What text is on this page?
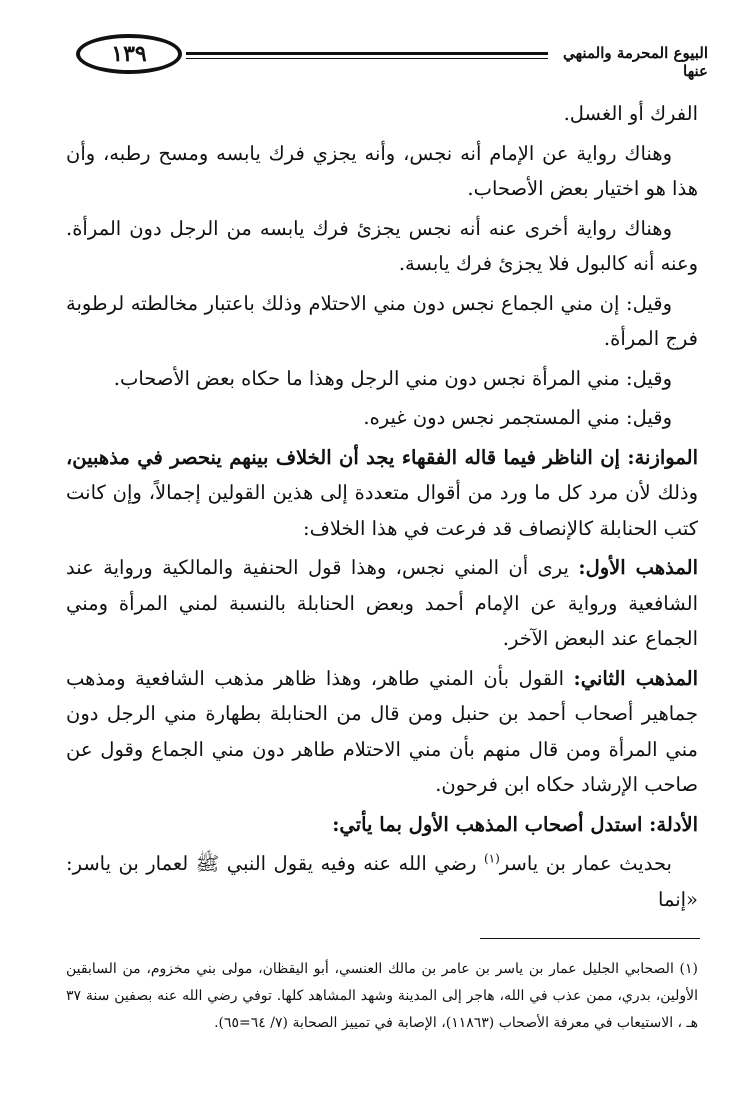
١٣٩	البيوع المحرمة والمنهي عنها

الفرك أو الغسل.

وهناك رواية عن الإمام أنه نجس، وأنه يجزي فرك يابسه ومسح رطبه، وأن هذا هو اختيار بعض الأصحاب.

وهناك رواية أخرى عنه أنه نجس يجزئ فرك يابسه من الرجل دون المرأة. وعنه أنه كالبول فلا يجزئ فرك يابسة.

وقيل: إن مني الجماع نجس دون مني الاحتلام وذلك باعتبار مخالطته لرطوبة فرج المرأة.

وقيل: مني المرأة نجس دون مني الرجل وهذا ما حكاه بعض الأصحاب.

وقيل: مني المستجمر نجس دون غيره.

الموازنة: إن الناظر فيما قاله الفقهاء يجد أن الخلاف بينهم ينحصر في مذهبين، وذلك لأن مرد كل ما ورد من أقوال متعددة إلى هذين القولين إجمالاً، وإن كانت كتب الحنابلة كالإنصاف قد فرعت في هذا الخلاف:

المذهب الأول: يرى أن المني نجس، وهذا قول الحنفية والمالكية ورواية عند الشافعية ورواية عن الإمام أحمد وبعض الحنابلة بالنسبة لمني المرأة ومني الجماع عند البعض الآخر.

المذهب الثاني: القول بأن المني طاهر، وهذا ظاهر مذهب الشافعية ومذهب جماهير أصحاب أحمد بن حنبل ومن قال من الحنابلة بطهارة مني الرجل دون مني المرأة ومن قال منهم بأن مني الاحتلام طاهر دون مني الجماع وقول عن صاحب الإرشاد حكاه ابن فرحون.

الأدلة: استدل أصحاب المذهب الأول بما يأتي:

بحديث عمار بن ياسر$^{(١)}$ رضي الله عنه وفيه يقول النبي ﷺ لعمار بن ياسر: «إنما

(١) الصحابي الجليل عمار بن ياسر بن عامر بن مالك العنسي، أبو اليقظان، مولى بني مخزوم، من السابقين الأولين، بدري، ممن عذب في الله، هاجر إلى المدينة وشهد المشاهد كلها. توفي رضي الله عنه بصفين سنة ٣٧ هـ ، الاستيعاب في معرفة الأصحاب (١١٨٦٣)، الإصابة في تمييز الصحابة (٧/ ٦٤=٦٥).
